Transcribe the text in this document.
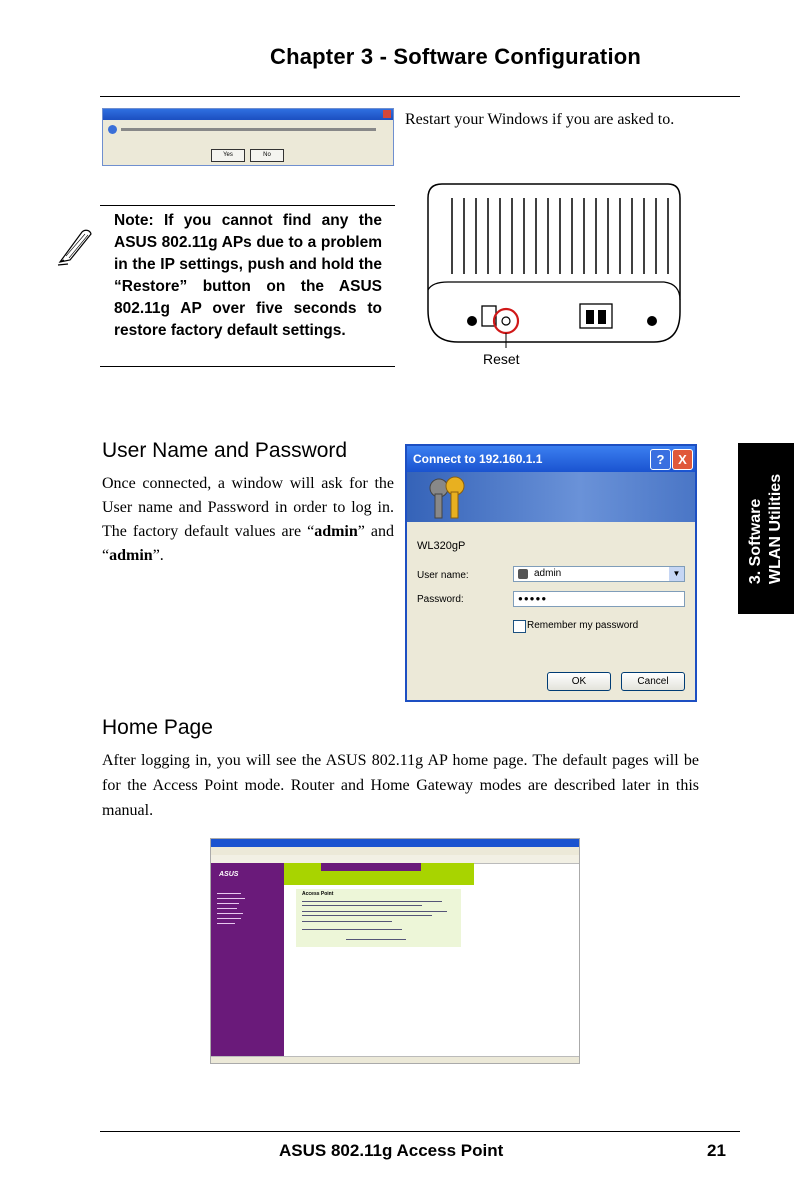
Chapter 3 - Software Configuration
Yes	No
Restart your Windows if you are asked to.
Note: If you cannot find any the ASUS 802.11g APs due to a problem in the IP settings, push and hold the “Restore” button on the ASUS 802.11g AP over five seconds to restore factory default settings.
Reset
User Name and Password
Once connected, a window will ask for the User name and Password in order to log in. The factory default values are “admin” and “admin”.
Connect to 192.160.1.1	?	X
WL320gP
User name:	admin	▼
Password:	●●●●●
Remember my password
OK	Cancel
3. Software WLAN Utilities
Home Page
After logging in, you will see the ASUS 802.11g AP home page. The default pages will be for the Access Point mode. Router and Home Gateway modes are described later in this manual.
ASUS
Access Point
ASUS 802.11g Access Point	21
